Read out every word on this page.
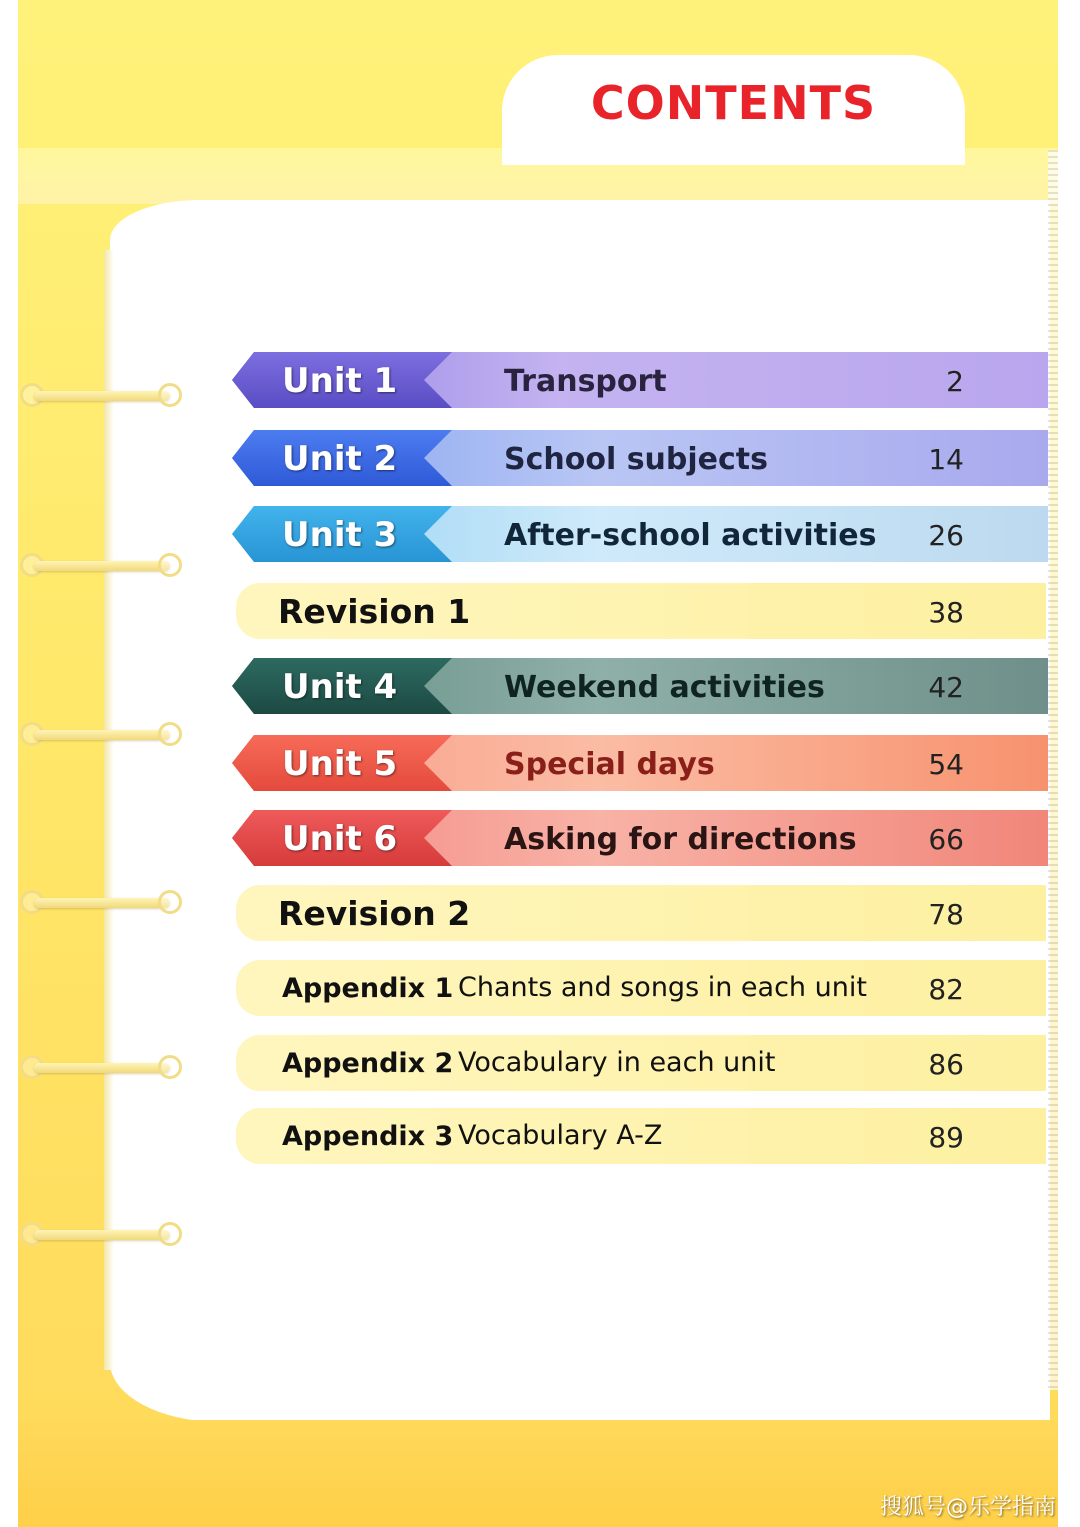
CONTENTS
Unit 1	Transport	2
Unit 2	School subjects	14
Unit 3	After-school activities 26
Revision 1	38
Unit 4	Weekend activities	42
Unit 5	Special days	54
Unit 6	Asking for directions	66
Revision 2	78
Appendix 1 Chants and songs in each unit 82
Appendix 2 Vocabulary in each unit	86
Appendix 3 Vocabulary A-Z	89
搜狐号@乐学指南
